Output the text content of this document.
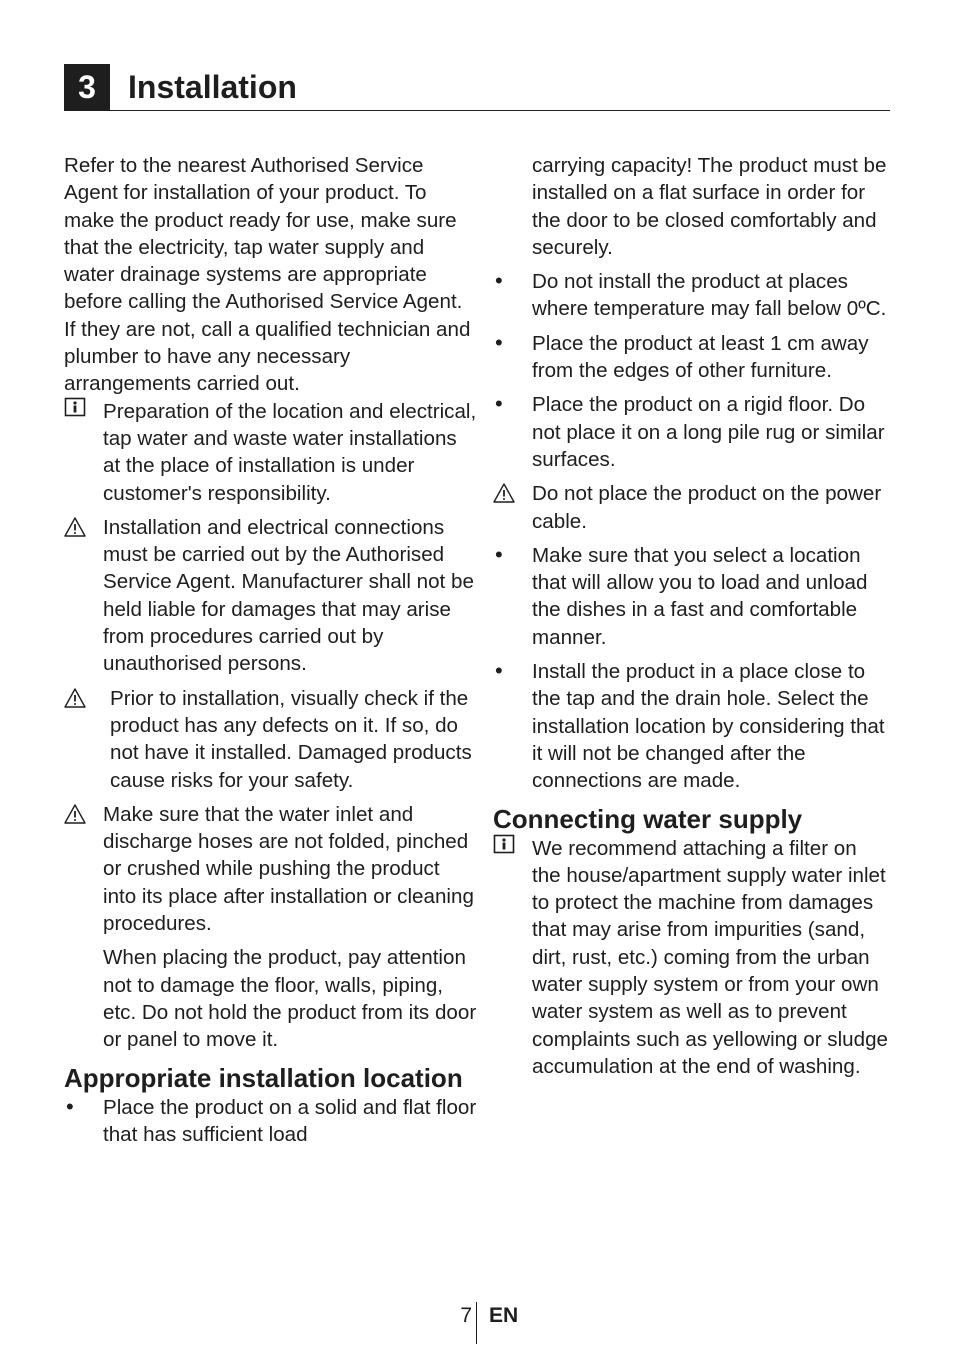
3	Installation

Refer to the nearest Authorised Service Agent for installation of your product. To make the product ready for use, make sure that the electricity, tap water supply and water drainage systems are appropriate before calling the Authorised Service Agent. If they are not, call a qualified technician and plumber to have any necessary arrangements carried out.

Preparation of the location and electrical, tap water and waste water installations at the place of installation is under customer's responsibility.

Installation and electrical connections must be carried out by the Authorised Service Agent. Manufacturer shall not be held liable for damages that may arise from procedures carried out by unauthorised persons.

Prior to installation, visually check if the product has any defects on it. If so, do not have it installed. Damaged products cause risks for your safety.

Make sure that the water inlet and discharge hoses are not folded, pinched or crushed while pushing the product into its place after installation or cleaning procedures.

When placing the product, pay attention not to damage the floor, walls, piping, etc. Do not hold the product from its door or panel to move it.

Appropriate installation location
• Place the product on a solid and flat floor that has sufficient load

carrying capacity! The product must be installed on a flat surface in order for the door to be closed comfortably and securely.

• Do not install the product at places where temperature may fall below 0ºC.

• Place the product at least 1 cm away from the edges of other furniture.

• Place the product on a rigid floor. Do not place it on a long pile rug or similar surfaces.

Do not place the product on the power cable.

• Make sure that you select a location that will allow you to load and unload the dishes in a fast and comfortable manner.

• Install the product in a place close to the tap and the drain hole. Select the installation location by considering that it will not be changed after the connections are made.

Connecting water supply

We recommend attaching a filter on the house/apartment supply water inlet to protect the machine from damages that may arise from impurities (sand, dirt, rust, etc.) coming from the urban water supply system or from your own water system as well as to prevent complaints such as yellowing or sludge accumulation at the end of washing.

7 EN
